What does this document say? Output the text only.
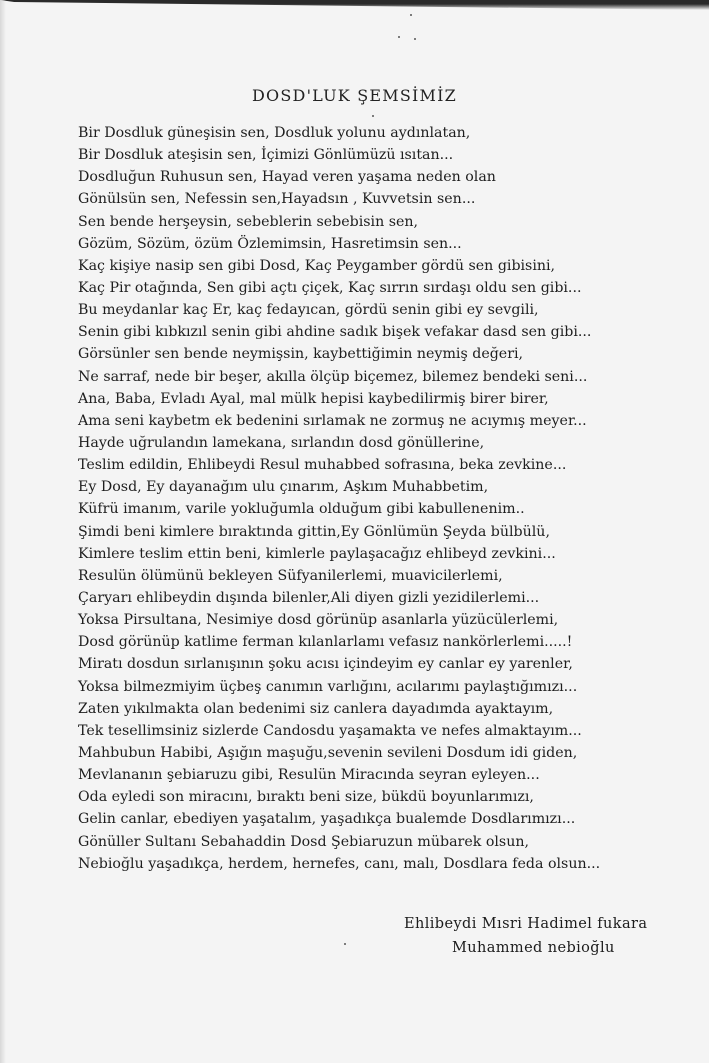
DOSD'LUK ŞEMSİMİZ
Bir Dosdluk güneşisin sen, Dosdluk yolunu aydınlatan,
Bir Dosdluk ateşisin sen, İçimizi Gönlümüzü ısıtan...
Dosdluğun Ruhusun sen, Hayad veren yaşama neden olan
Gönülsün sen, Nefessin sen,Hayadsın , Kuvvetsin sen...
Sen bende herşeysin, sebeblerin sebebisin sen,
Gözüm, Sözüm, özüm Özlemimsin, Hasretimsin sen...
Kaç kişiye nasip sen gibi Dosd, Kaç Peygamber gördü sen gibisini,
Kaç Pir otağında, Sen gibi açtı çiçek, Kaç sırrın sırdaşı oldu sen gibi...
Bu meydanlar kaç Er, kaç fedayıcan, gördü senin gibi ey sevgili,
Senin gibi kıbkızıl senin gibi ahdine sadık bişek vefakar dasd sen gibi...
Görsünler sen bende neymişsin, kaybettiğimin neymiş değeri,
Ne sarraf, nede bir beşer, akılla ölçüp biçemez, bilemez bendeki seni...
Ana, Baba, Evladı Ayal, mal mülk hepisi kaybedilirmiş birer birer,
Ama seni kaybetm ek bedenini sırlamak ne zormuş ne acıymış meyer...
Hayde uğrulandın lamekana, sırlandın dosd gönüllerine,
Teslim edildin, Ehlibeydi Resul muhabbed sofrasına, beka zevkine...
Ey Dosd, Ey dayanağım ulu çınarım, Aşkım Muhabbetim,
Küfrü imanım, varile yokluğumla olduğum gibi kabullenenim..
Şimdi beni kimlere bıraktında gittin,Ey Gönlümün Şeyda bülbülü,
Kimlere teslim ettin beni, kimlerle paylaşacağız ehlibeyd zevkini...
Resulün ölümünü bekleyen Süfyanilerlemi, muavicilerlemi,
Çaryarı ehlibeydin dışında bilenler,Ali diyen gizli yezidilerlemi...
Yoksa Pirsultana, Nesimiye dosd görünüp asanlarla yüzücülerlemi,
Dosd görünüp katlime ferman kılanlarlamı vefasız nankörlerlemi.....!
Miratı dosdun sırlanışının şoku acısı içindeyim ey canlar ey yarenler,
Yoksa bilmezmiyim üçbeş canımın varlığını, acılarımı paylaştığımızı...
Zaten yıkılmakta olan bedenimi siz canlera dayadımda ayaktayım,
Tek tesellimsiniz sizlerde Candosdu yaşamakta ve nefes almaktayım...
Mahbubun Habibi, Aşığın maşuğu,sevenin sevileni Dosdum idi giden,
Mevlananın şebiaruzu gibi, Resulün Miracında seyran eyleyen...
Oda eyledi son miracını, bıraktı beni size, bükdü boyunlarımızı,
Gelin canlar, ebediyen yaşatalım, yaşadıkça bualemde Dosdlarımızı...
Gönüller Sultanı Sebahaddin Dosd Şebiaruzun mübarek olsun,
Nebioğlu yaşadıkça, herdem, hernefes, canı, malı, Dosdlara feda olsun...
Ehlibeydi Mısri Hadimel fukara
Muhammed nebioğlu
